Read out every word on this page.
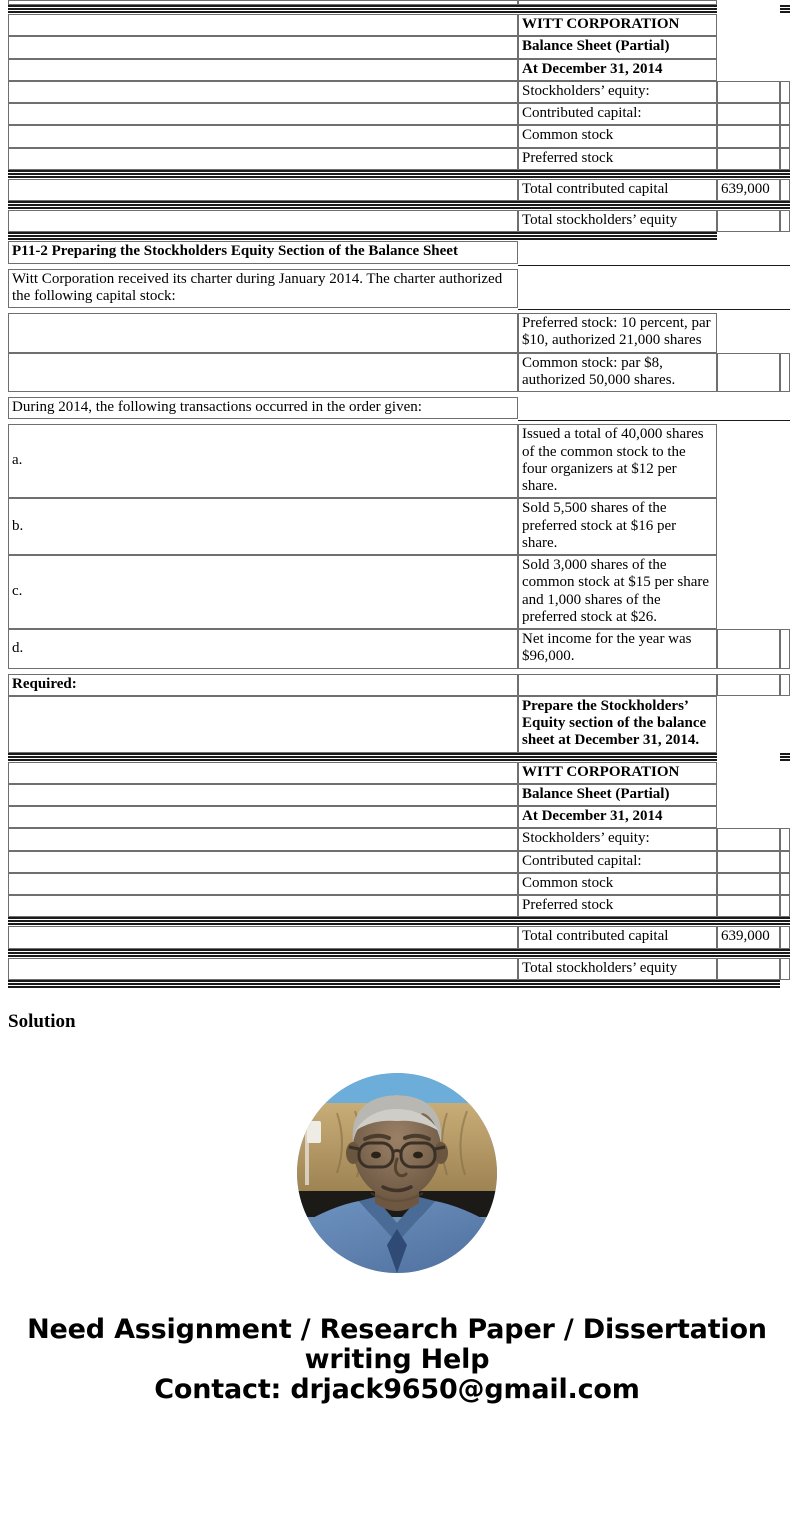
	WITT CORPORATION		
	Balance Sheet (Partial)		
	At December 31, 2014		
	Stockholders’ equity:		
	Contributed capital:		
	Common stock		
	Preferred stock		

	Total contributed capital	639,000	

	Total stockholders’ equity		

P11-2 Preparing the Stockholders Equity Section of the Balance Sheet			

Witt Corporation received its charter during January 2014. The charter authorized the following capital stock:			

	Preferred stock: 10 percent, par $10, authorized 21,000 shares		
	Common stock: par $8, authorized 50,000 shares.		

During 2014, the following transactions occurred in the order given:			

a.	Issued a total of 40,000 shares of the common stock to the four organizers at $12 per share.		
b.	Sold 5,500 shares of the preferred stock at $16 per share.		
c.	Sold 3,000 shares of the common stock at $15 per share and 1,000 shares of the preferred stock at $26.		
d.	Net income for the year was $96,000.		

Required:			
	Prepare the Stockholders’ Equity section of the balance sheet at December 31, 2014.		

	WITT CORPORATION		
	Balance Sheet (Partial)		
	At December 31, 2014		
	Stockholders’ equity:		
	Contributed capital:		
	Common stock		
	Preferred stock		

	Total contributed capital	639,000	

	Total stockholders’ equity		

Solution
Need Assignment / Research Paper / Dissertation
writing Help
Contact: drjack9650@gmail.com
